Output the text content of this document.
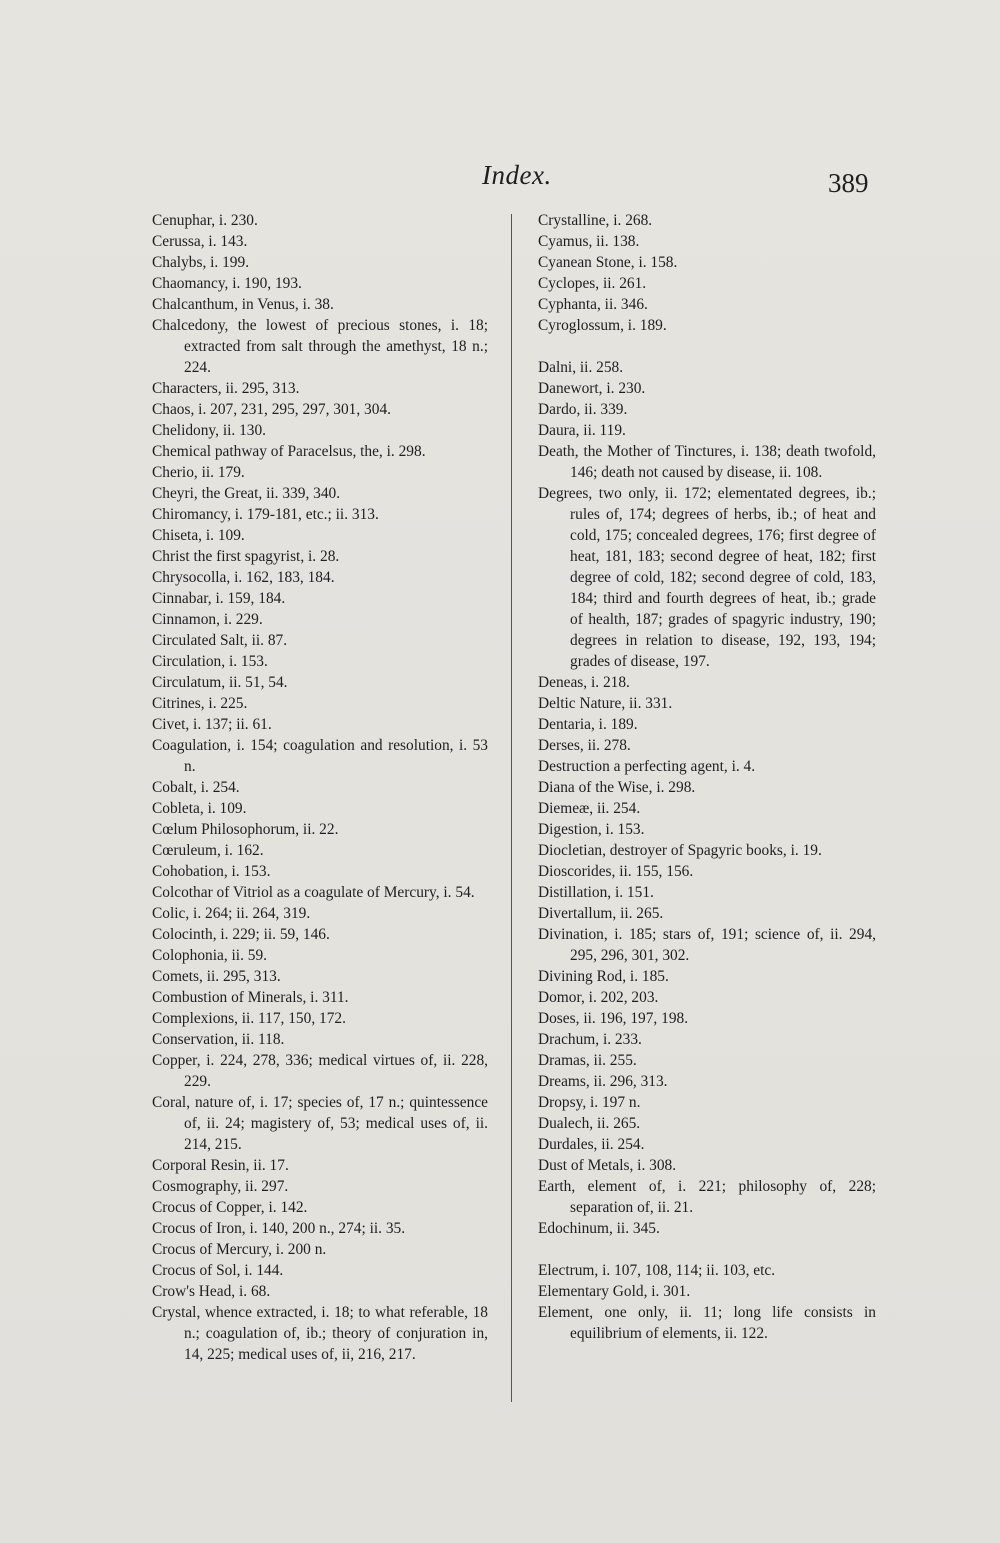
Index.	389
Cenuphar, i. 230.
Cerussa, i. 143.
Chalybs, i. 199.
Chaomancy, i. 190, 193.
Chalcanthum, in Venus, i. 38.
Chalcedony, the lowest of precious stones, i. 18; extracted from salt through the amethyst, 18 n.; 224.
Characters, ii. 295, 313.
Chaos, i. 207, 231, 295, 297, 301, 304.
Chelidony, ii. 130.
Chemical pathway of Paracelsus, the, i. 298.
Cherio, ii. 179.
Cheyri, the Great, ii. 339, 340.
Chiromancy, i. 179-181, etc.; ii. 313.
Chiseta, i. 109.
Christ the first spagyrist, i. 28.
Chrysocolla, i. 162, 183, 184.
Cinnabar, i. 159, 184.
Cinnamon, i. 229.
Circulated Salt, ii. 87.
Circulation, i. 153.
Circulatum, ii. 51, 54.
Citrines, i. 225.
Civet, i. 137; ii. 61.
Coagulation, i. 154; coagulation and resolution, i. 53 n.
Cobalt, i. 254.
Cobleta, i. 109.
Cœlum Philosophorum, ii. 22.
Cœruleum, i. 162.
Cohobation, i. 153.
Colcothar of Vitriol as a coagulate of Mercury, i. 54.
Colic, i. 264; ii. 264, 319.
Colocinth, i. 229; ii. 59, 146.
Colophonia, ii. 59.
Comets, ii. 295, 313.
Combustion of Minerals, i. 311.
Complexions, ii. 117, 150, 172.
Conservation, ii. 118.
Copper, i. 224, 278, 336; medical virtues of, ii. 228, 229.
Coral, nature of, i. 17; species of, 17 n.; quintessence of, ii. 24; magistery of, 53; medical uses of, ii. 214, 215.
Corporal Resin, ii. 17.
Cosmography, ii. 297.
Crocus of Copper, i. 142.
Crocus of Iron, i. 140, 200 n., 274; ii. 35.
Crocus of Mercury, i. 200 n.
Crocus of Sol, i. 144.
Crow's Head, i. 68.
Crystal, whence extracted, i. 18; to what referable, 18 n.; coagulation of, ib.; theory of conjuration in, 14, 225; medical uses of, ii, 216, 217.
Crystalline, i. 268.
Cyamus, ii. 138.
Cyanean Stone, i. 158.
Cyclopes, ii. 261.
Cyphanta, ii. 346.
Cyroglossum, i. 189.
Dalni, ii. 258.
Danewort, i. 230.
Dardo, ii. 339.
Daura, ii. 119.
Death, the Mother of Tinctures, i. 138; death twofold, 146; death not caused by disease, ii. 108.
Degrees, two only, ii. 172; elementated degrees, ib.; rules of, 174; degrees of herbs, ib.; of heat and cold, 175; concealed degrees, 176; first degree of heat, 181, 183; second degree of heat, 182; first degree of cold, 182; second degree of cold, 183, 184; third and fourth degrees of heat, ib.; grade of health, 187; grades of spagyric industry, 190; degrees in relation to disease, 192, 193, 194; grades of disease, 197.
Deneas, i. 218.
Deltic Nature, ii. 331.
Dentaria, i. 189.
Derses, ii. 278.
Destruction a perfecting agent, i. 4.
Diana of the Wise, i. 298.
Diemeæ, ii. 254.
Digestion, i. 153.
Diocletian, destroyer of Spagyric books, i. 19.
Dioscorides, ii. 155, 156.
Distillation, i. 151.
Divertallum, ii. 265.
Divination, i. 185; stars of, 191; science of, ii. 294, 295, 296, 301, 302.
Divining Rod, i. 185.
Domor, i. 202, 203.
Doses, ii. 196, 197, 198.
Drachum, i. 233.
Dramas, ii. 255.
Dreams, ii. 296, 313.
Dropsy, i. 197 n.
Dualech, ii. 265.
Durdales, ii. 254.
Dust of Metals, i. 308.
Earth, element of, i. 221; philosophy of, 228; separation of, ii. 21.
Edochinum, ii. 345.
Electrum, i. 107, 108, 114; ii. 103, etc.
Elementary Gold, i. 301.
Element, one only, ii. 11; long life consists in equilibrium of elements, ii. 122.
